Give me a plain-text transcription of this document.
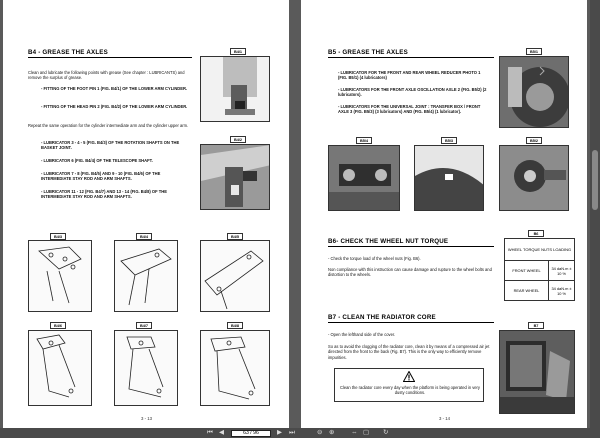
B4 - GREASE THE AXLES
Clean and lubricate the following points with grease (See chapter : LUBRICANTS) and remove the surplus of grease.
- FITTING OF THE FOOT PIN 1 (FIG. B4/1) OF THE LOWER ARM CYLINDER.
- FITTING OF THE HEAD PIN 2 (FIG. B4/2) OF THE LOWER ARM CYLINDER.
Repeat the same operation for the cylinder intermediate arm and the cylinder upper arm.
- LUBRICATOR 3 - 4 - 5 (FIG. B4/3) OF THE ROTATION SHAFTS ON THE BASKET JOINT.
- LUBRICATOR 6 (FIG. B4/4) OF THE TELESCOPE SHAFT.
- LUBRICATOR 7 - 8 (FIG. B4/5) AND 9 - 10 (FIG. B4/6) OF THE INTERMEDIATE STAY ROD AND ARM SHAFTS.
- LUBRICATOR 11 - 12 (FIG. B4/7) AND 13 - 14 (FIG. B4/8) OF THE INTERMEDIATE STAY ROD AND ARM SHAFTS.
B4/1
B4/2
B4/3	B4/4	B4/5
B4/6	B4/7	B4/8
3 - 13
B5 - GREASE THE AXLES
- LUBRICATOR FOR THE FRONT AND REAR WHEEL REDUCER PHOTO 1 (FIG. B5/1) (4 lubricators)
- LUBRICATORS FOR THE FRONT AXLE OSCILLATION AXLE 2 (FIG. B5/2) (2 lubricators).
- LUBRICATORS FOR THE UNIVERSAL JOINT : TRANSFER BOX / FRONT AXLE 3 (FIG. B5/3) (3 lubricators) AND (FIG. B5/4) (1 lubricator).
B5/1
B5/4	B5/3	B5/2
B6- CHECK THE WHEEL NUT TORQUE
- Check the torque load of the wheel nuts (Fig. B6).
Non compliance with this instruction can cause damage and rupture to the wheel bolts and distortion to the wheels.
B6
WHEEL TORQUE NUTS LOADING	
FRONT WHEEL	34 daN.m ± 10 %
REAR WHEEL	34 daN.m ± 10 %
B7 - CLEAN THE RADIATOR CORE
- Open the lefthand side of the cover.
So as to avoid the clogging of the radiator core, clean it by means of a compressed air jet directed from the front to the back (Fig. B7). This is the only way to efficiently remove impurities.
Clean the radiator core every day when the platform is being operated in very dusty conditions.
B7
3 - 14
⏮ ◀
63 / 96	▶ ⏭	⊖ ⊕	⇔ ▢ ↻
